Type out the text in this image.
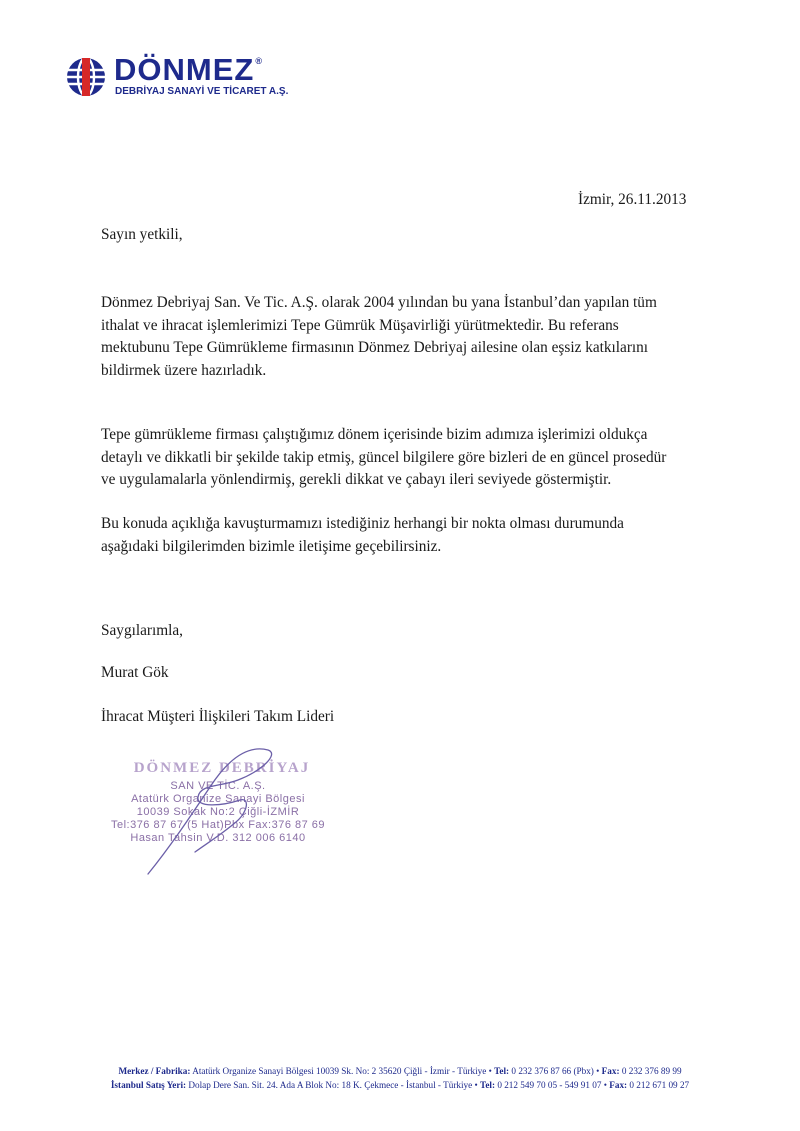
DÖNMEZ®
DEBRİYAJ SANAYİ VE TİCARET A.Ş.
İzmir, 26.11.2013
Sayın yetkili,
Dönmez Debriyaj San. Ve Tic. A.Ş. olarak 2004 yılından bu yana İstanbul’dan yapılan tüm
ithalat ve ihracat işlemlerimizi Tepe Gümrük Müşavirliği yürütmektedir. Bu referans
mektubunu Tepe Gümrükleme firmasının Dönmez Debriyaj ailesine olan eşsiz katkılarını
bildirmek üzere hazırladık.
Tepe gümrükleme firması çalıştığımız dönem içerisinde bizim adımıza işlerimizi oldukça
detaylı ve dikkatli bir şekilde takip etmiş, güncel bilgilere göre bizleri de en güncel prosedür
ve uygulamalarla yönlendirmiş, gerekli dikkat ve çabayı ileri seviyede göstermiştir.
Bu konuda açıklığa kavuşturmamızı istediğiniz herhangi bir nokta olması durumunda
aşağıdaki bilgilerimden bizimle iletişime geçebilirsiniz.
Saygılarımla,
Murat Gök
İhracat Müşteri İlişkileri Takım Lideri
DÖNMEZ DEBRİYAJ
SAN VE TİC. A.Ş.
Atatürk Organize Sanayi Bölgesi
10039 Sokak No:2 Çiğli-İZMİR
Tel:376 87 67 (5 Hat)Pbx Fax:376 87 69
Hasan Tahsin V.D. 312 006 6140
Merkez / Fabrika: Atatürk Organize Sanayi Bölgesi 10039 Sk. No: 2 35620 Çiğli - İzmir - Türkiye • Tel: 0 232 376 87 66 (Pbx) • Fax: 0 232 376 89 99
İstanbul Satış Yeri: Dolap Dere San. Sit. 24. Ada A Blok No: 18 K. Çekmece - İstanbul - Türkiye • Tel: 0 212 549 70 05 - 549 91 07 • Fax: 0 212 671 09 27
